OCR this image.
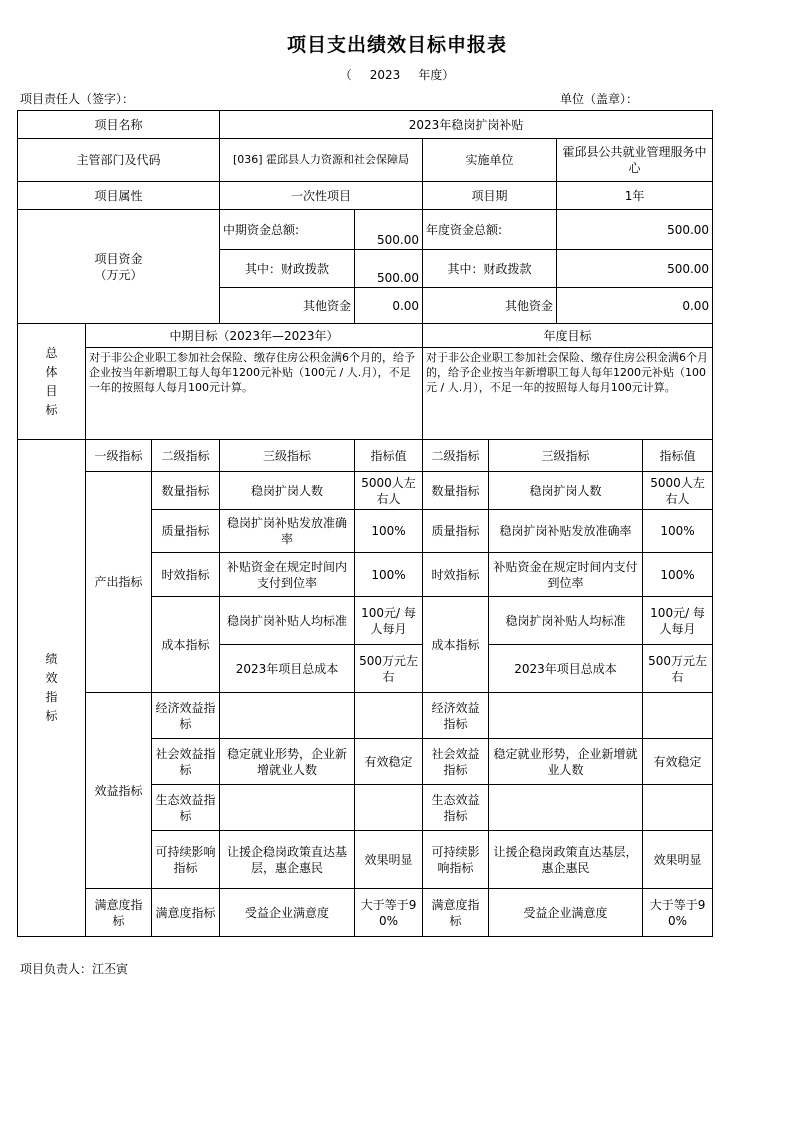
项目支出绩效目标申报表
（ 2023 年度）
项目责任人（签字）：	单位（盖章）：
项目名称			2023年稳岗扩岗补贴					
主管部门及代码			[036] 霍邱县人力资源和社会保障局		实施单位		霍邱县公共就业管理服务中心	
项目属性			一次性项目		项目期		1年	

项目资金
（万元）			中期资金总额:	500.00	年度资金总额:		500.00	
			其中：财政拨款	500.00	其中：财政拨款		500.00	
			其他资金	0.00	其他资金		0.00	

总
体
目
标	中期目标（2023年—2023年）				年度目标			
	对于非公企业职工参加社会保险、缴存住房公积金满6个月的，给予企业按当年新增职工每人每年1200元补贴（100元 / 人.月），不足一年的按照每人每月100元计算。				对于非公企业职工参加社会保险、缴存住房公积金满6个月的，给予企业按当年新增职工每人每年1200元补贴（100元 / 人.月），不足一年的按照每人每月100元计算。			

绩
效
指
标	一级指标	二级指标	三级指标	指标值	二级指标	三级指标		指标值
	产出指标	数量指标	稳岗扩岗人数	5000人左右人	数量指标	稳岗扩岗人数		5000人左右人
		质量指标	稳岗扩岗补贴发放准确率	100%	质量指标	稳岗扩岗补贴发放准确率		100%
		时效指标	补贴资金在规定时间内支付到位率	100%	时效指标	补贴资金在规定时间内支付到位率		100%
		成本指标	稳岗扩岗补贴人均标准	100元/ 每人每月	成本指标	稳岗扩岗补贴人均标准		100元/ 每人每月
			2023年项目总成本	500万元左右		2023年项目总成本		500万元左右
	效益指标	经济效益指标			经济效益指标			
		社会效益指标	稳定就业形势，企业新增就业人数	有效稳定	社会效益指标	稳定就业形势，企业新增就业人数		有效稳定
		生态效益指标			生态效益指标			
		可持续影响指标	让援企稳岗政策直达基层，惠企惠民	效果明显	可持续影响指标	让援企稳岗政策直达基层，惠企惠民		效果明显
	满意度指标	满意度指标	受益企业满意度	大于等于90%	满意度指标	受益企业满意度		大于等于90%
项目负责人：江丕寅
